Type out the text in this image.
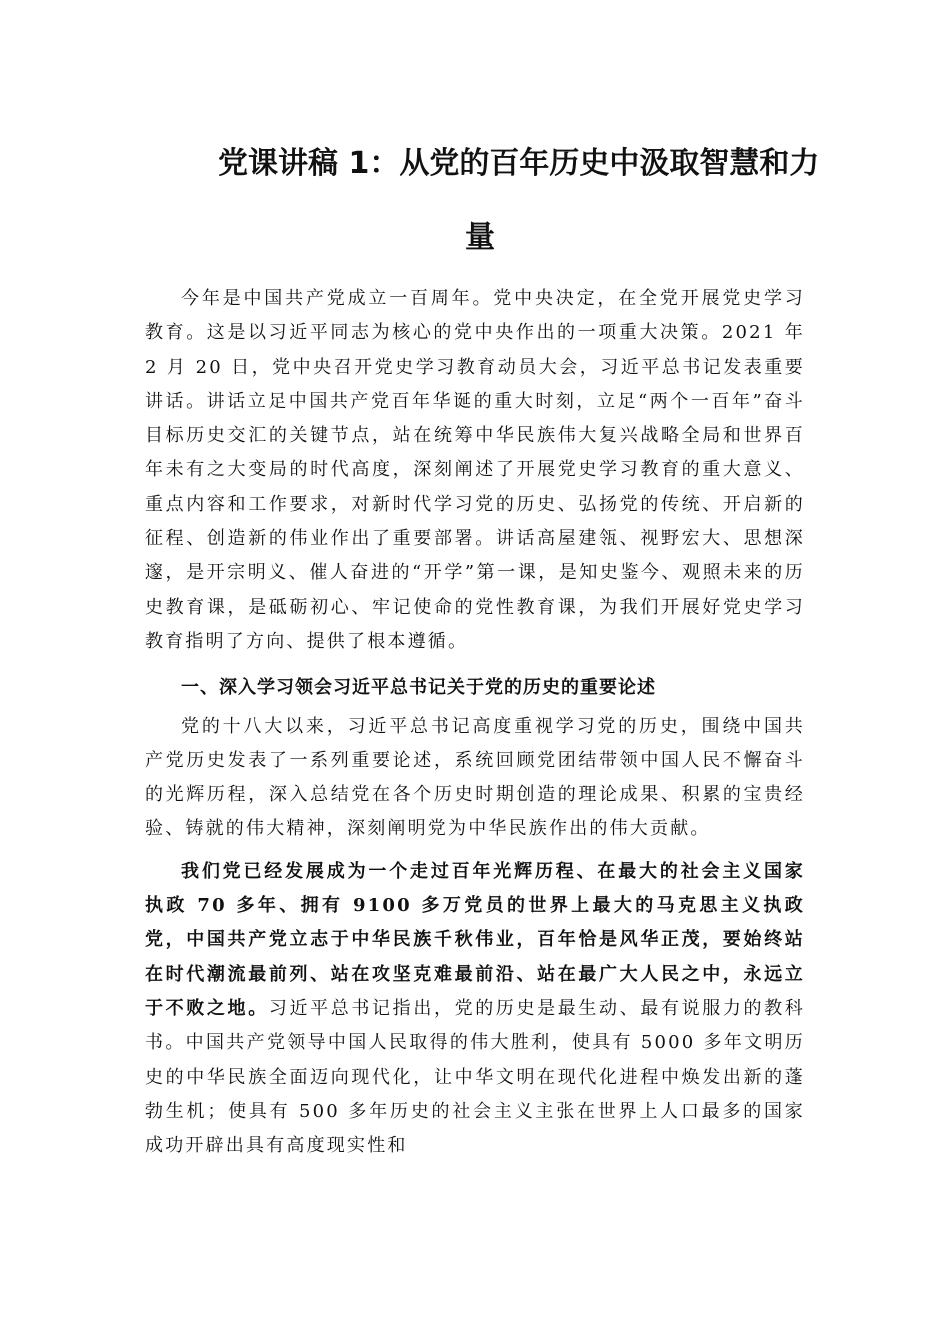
党课讲稿 1：从党的百年历史中汲取智慧和力
量

今年是中国共产党成立一百周年。党中央决定，在全党开展党史学习教育。这是以习近平同志为核心的党中央作出的一项重大决策。2021 年 2 月 20 日，党中央召开党史学习教育动员大会，习近平总书记发表重要讲话。讲话立足中国共产党百年华诞的重大时刻，立足“两个一百年”奋斗目标历史交汇的关键节点，站在统筹中华民族伟大复兴战略全局和世界百年未有之大变局的时代高度，深刻阐述了开展党史学习教育的重大意义、重点内容和工作要求，对新时代学习党的历史、弘扬党的传统、开启新的征程、创造新的伟业作出了重要部署。讲话高屋建瓴、视野宏大、思想深邃，是开宗明义、催人奋进的“开学”第一课，是知史鉴今、观照未来的历史教育课，是砥砺初心、牢记使命的党性教育课，为我们开展好党史学习教育指明了方向、提供了根本遵循。

一、深入学习领会习近平总书记关于党的历史的重要论述

党的十八大以来，习近平总书记高度重视学习党的历史，围绕中国共产党历史发表了一系列重要论述，系统回顾党团结带领中国人民不懈奋斗的光辉历程，深入总结党在各个历史时期创造的理论成果、积累的宝贵经验、铸就的伟大精神，深刻阐明党为中华民族作出的伟大贡献。

我们党已经发展成为一个走过百年光辉历程、在最大的社会主义国家执政 70 多年、拥有 9100 多万党员的世界上最大的马克思主义执政党，中国共产党立志于中华民族千秋伟业，百年恰是风华正茂，要始终站在时代潮流最前列、站在攻坚克难最前沿、站在最广大人民之中，永远立于不败之地。习近平总书记指出，党的历史是最生动、最有说服力的教科书。中国共产党领导中国人民取得的伟大胜利，使具有 5000 多年文明历史的中华民族全面迈向现代化，让中华文明在现代化进程中焕发出新的蓬勃生机；使具有 500 多年历史的社会主义主张在世界上人口最多的国家成功开辟出具有高度现实性和
